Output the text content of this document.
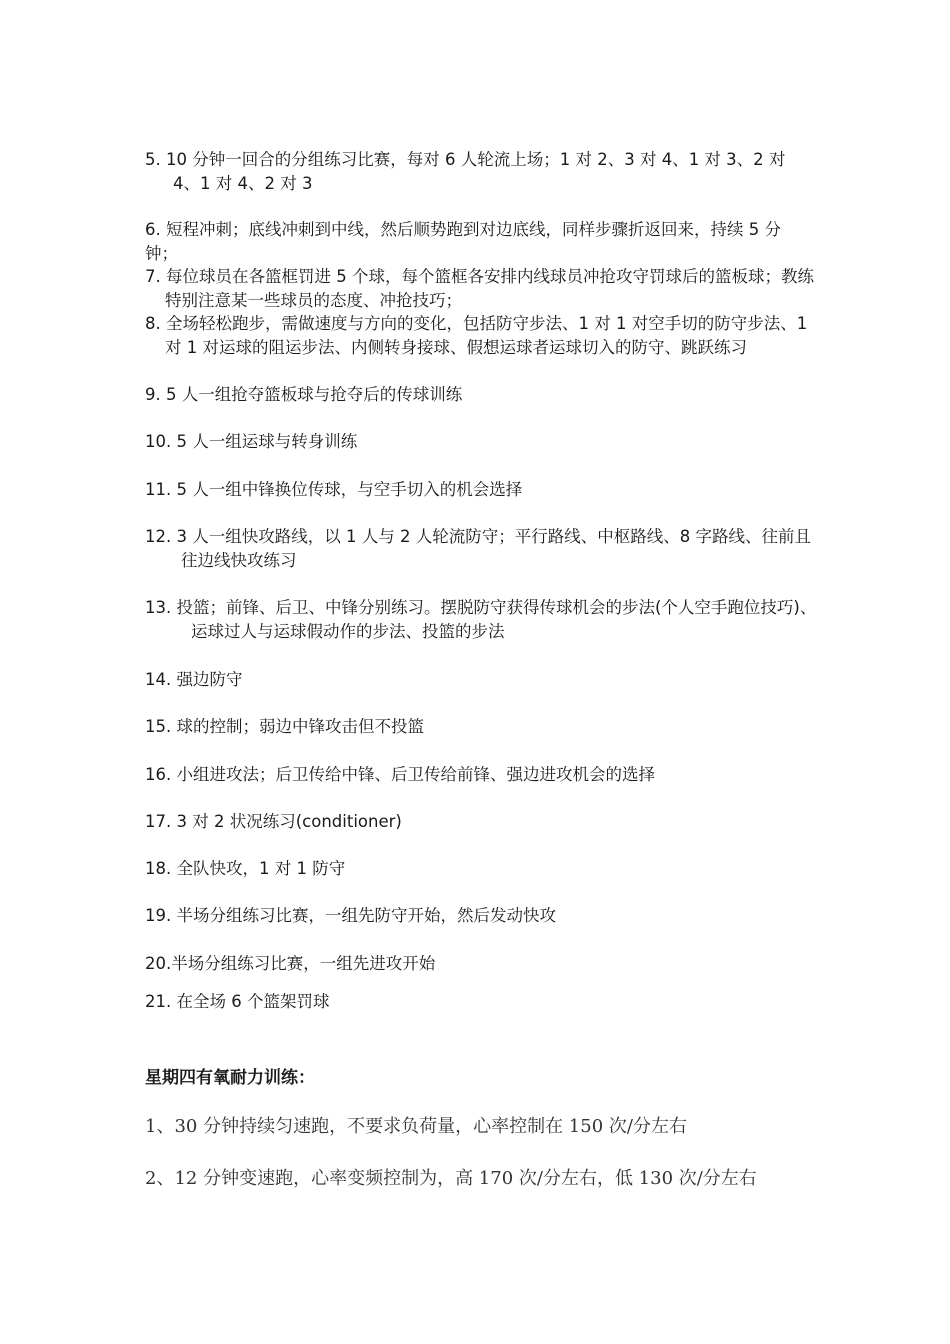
5. 10 分钟一回合的分组练习比赛，每对 6 人轮流上场；1 对 2、3 对 4、1 对 3、2 对 4、1 对 4、2 对 3

6. 短程冲刺；底线冲刺到中线，然后顺势跑到对边底线，同样步骤折返回来，持续 5 分钟；

7. 每位球员在各篮框罚进 5 个球，每个篮框各安排内线球员冲抢攻守罚球后的篮板球；教练特别注意某一些球员的态度、冲抢技巧；

8. 全场轻松跑步，需做速度与方向的变化，包括防守步法、1 对 1 对空手切的防守步法、1 对 1 对运球的阻运步法、内侧转身接球、假想运球者运球切入的防守、跳跃练习

9. 5 人一组抢夺篮板球与抢夺后的传球训练

10. 5 人一组运球与转身训练

11. 5 人一组中锋换位传球，与空手切入的机会选择

12. 3 人一组快攻路线，以 1 人与 2 人轮流防守；平行路线、中枢路线、8 字路线、往前且往边线快攻练习

13. 投篮；前锋、后卫、中锋分别练习。摆脱防守获得传球机会的步法(个人空手跑位技巧)、运球过人与运球假动作的步法、投篮的步法

14. 强边防守

15. 球的控制；弱边中锋攻击但不投篮

16. 小组进攻法；后卫传给中锋、后卫传给前锋、强边进攻机会的选择

17. 3 对 2 状况练习(conditioner)

18. 全队快攻，1 对 1 防守

19. 半场分组练习比赛，一组先防守开始，然后发动快攻

20.半场分组练习比赛，一组先进攻开始

21. 在全场 6 个篮架罚球

星期四有氧耐力训练：

1、30 分钟持续匀速跑，不要求负荷量，心率控制在 150 次/分左右

2、12 分钟变速跑，心率变频控制为，高 170 次/分左右，低 130 次/分左右
